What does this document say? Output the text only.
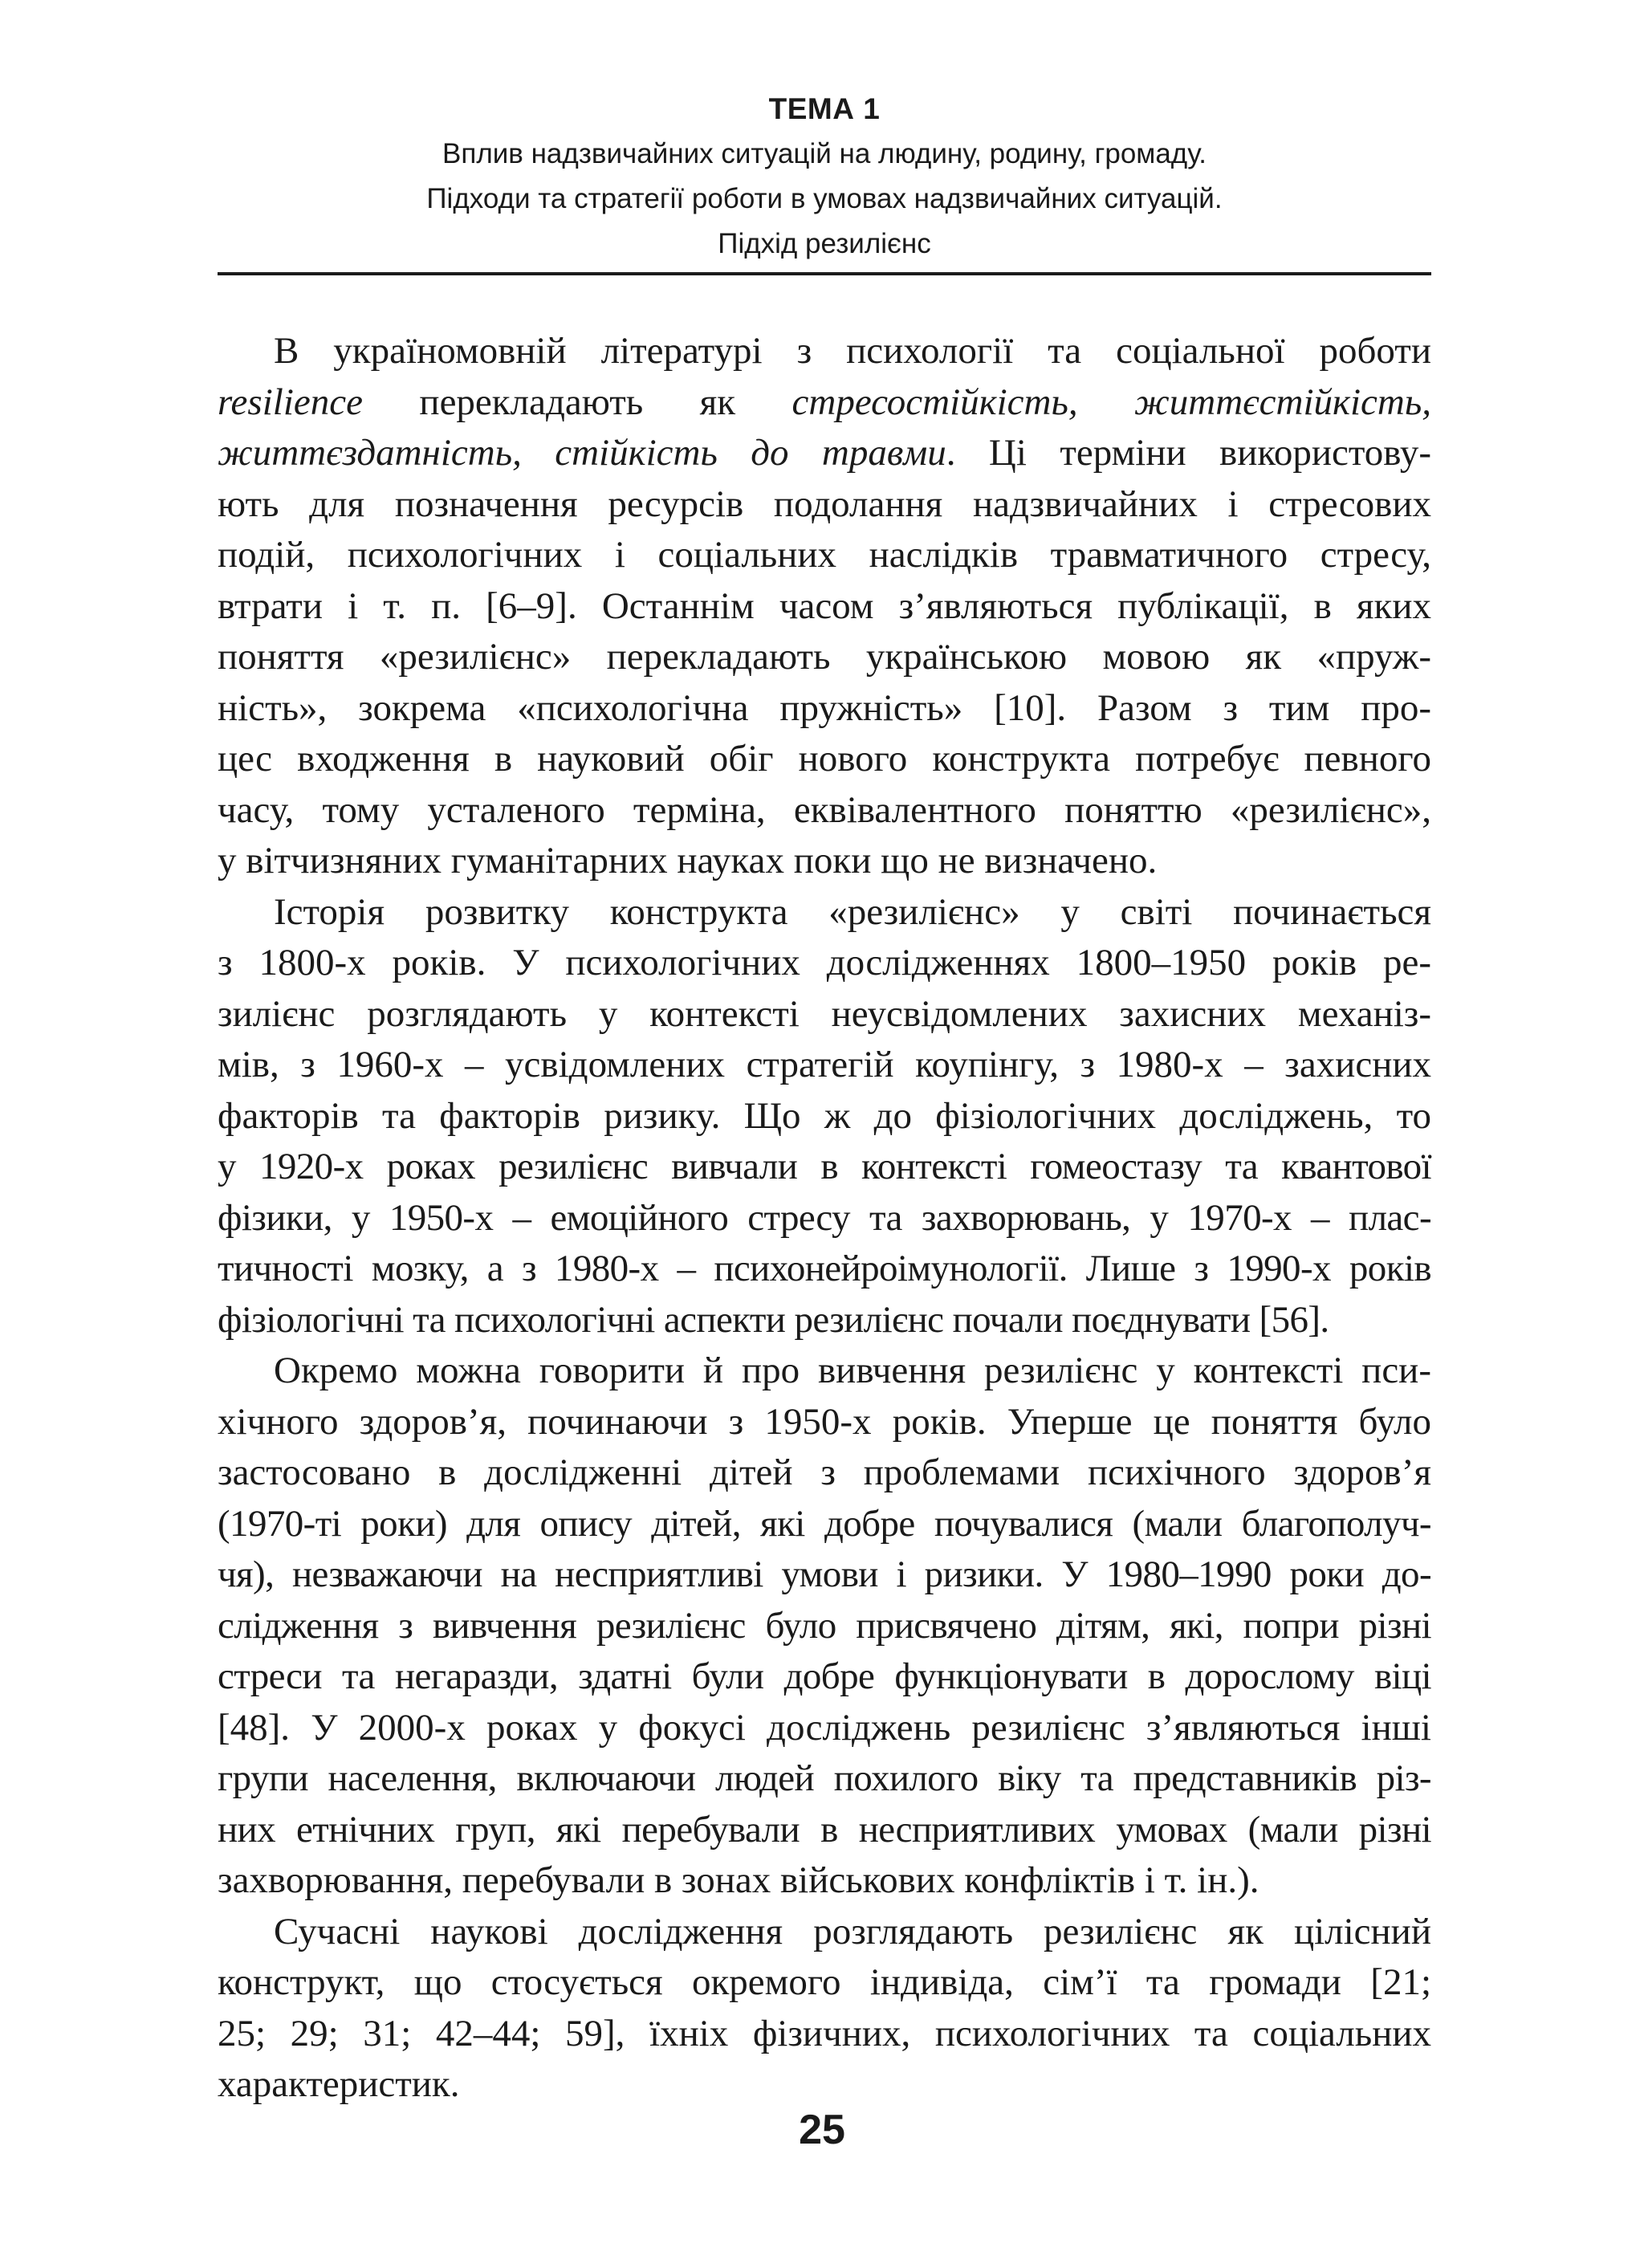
ТЕМА 1
Вплив надзвичайних ситуацій на людину, родину, громаду.
Підходи та стратегії роботи в умовах надзвичайних ситуацій.
Підхід резилієнс
В україномовній літературі з психології та соціальної роботи
resilience перекладають як стресостійкість, життєстійкість,
життєздатність, стійкість до травми. Ці терміни використову-
ють для позначення ресурсів подолання надзвичайних і стресових
подій, психологічних і соціальних наслідків травматичного стресу,
втрати і т. п. [6–9]. Останнім часом з’являються публікації, в яких
поняття «резилієнс» перекладають українською мовою як «пруж-
ність», зокрема «психологічна пружність» [10]. Разом з тим про-
цес входження в науковий обіг нового конструкта потребує певного
часу, тому усталеного терміна, еквівалентного поняттю «резилієнс»,
у вітчизняних гуманітарних науках поки що не визначено.
Історія розвитку конструкта «резилієнс» у світі починається
з 1800-х років. У психологічних дослідженнях 1800–1950 років ре-
зилієнс розглядають у контексті неусвідомлених захисних механіз-
мів, з 1960-х – усвідомлених стратегій коупінгу, з 1980-х – захисних
факторів та факторів ризику. Що ж до фізіологічних досліджень, то
у 1920-х роках резилієнс вивчали в контексті гомеостазу та квантової
фізики, у 1950-х – емоційного стресу та захворювань, у 1970-х – плас-
тичності мозку, а з 1980-х – психонейроімунології. Лише з 1990-х років
фізіологічні та психологічні аспекти резилієнс почали поєднувати [56].
Окремо можна говорити й про вивчення резилієнс у контексті пси-
хічного здоров’я, починаючи з 1950-х років. Уперше це поняття було
застосовано в дослідженні дітей з проблемами психічного здоров’я
(1970-ті роки) для опису дітей, які добре почувалися (мали благополуч-
чя), незважаючи на несприятливі умови і ризики. У 1980–1990 роки до-
слідження з вивчення резилієнс було присвячено дітям, які, попри різні
стреси та негаразди, здатні були добре функціонувати в дорослому віці
[48]. У 2000-х роках у фокусі досліджень резилієнс з’являються інші
групи населення, включаючи людей похилого віку та представників різ-
них етнічних груп, які перебували в несприятливих умовах (мали різні
захворювання, перебували в зонах військових конфліктів і т. ін.).
Сучасні наукові дослідження розглядають резилієнс як цілісний
конструкт, що стосується окремого індивіда, сім’ї та громади [21;
25; 29; 31; 42–44; 59], їхніх фізичних, психологічних та соціальних
характеристик.
25
